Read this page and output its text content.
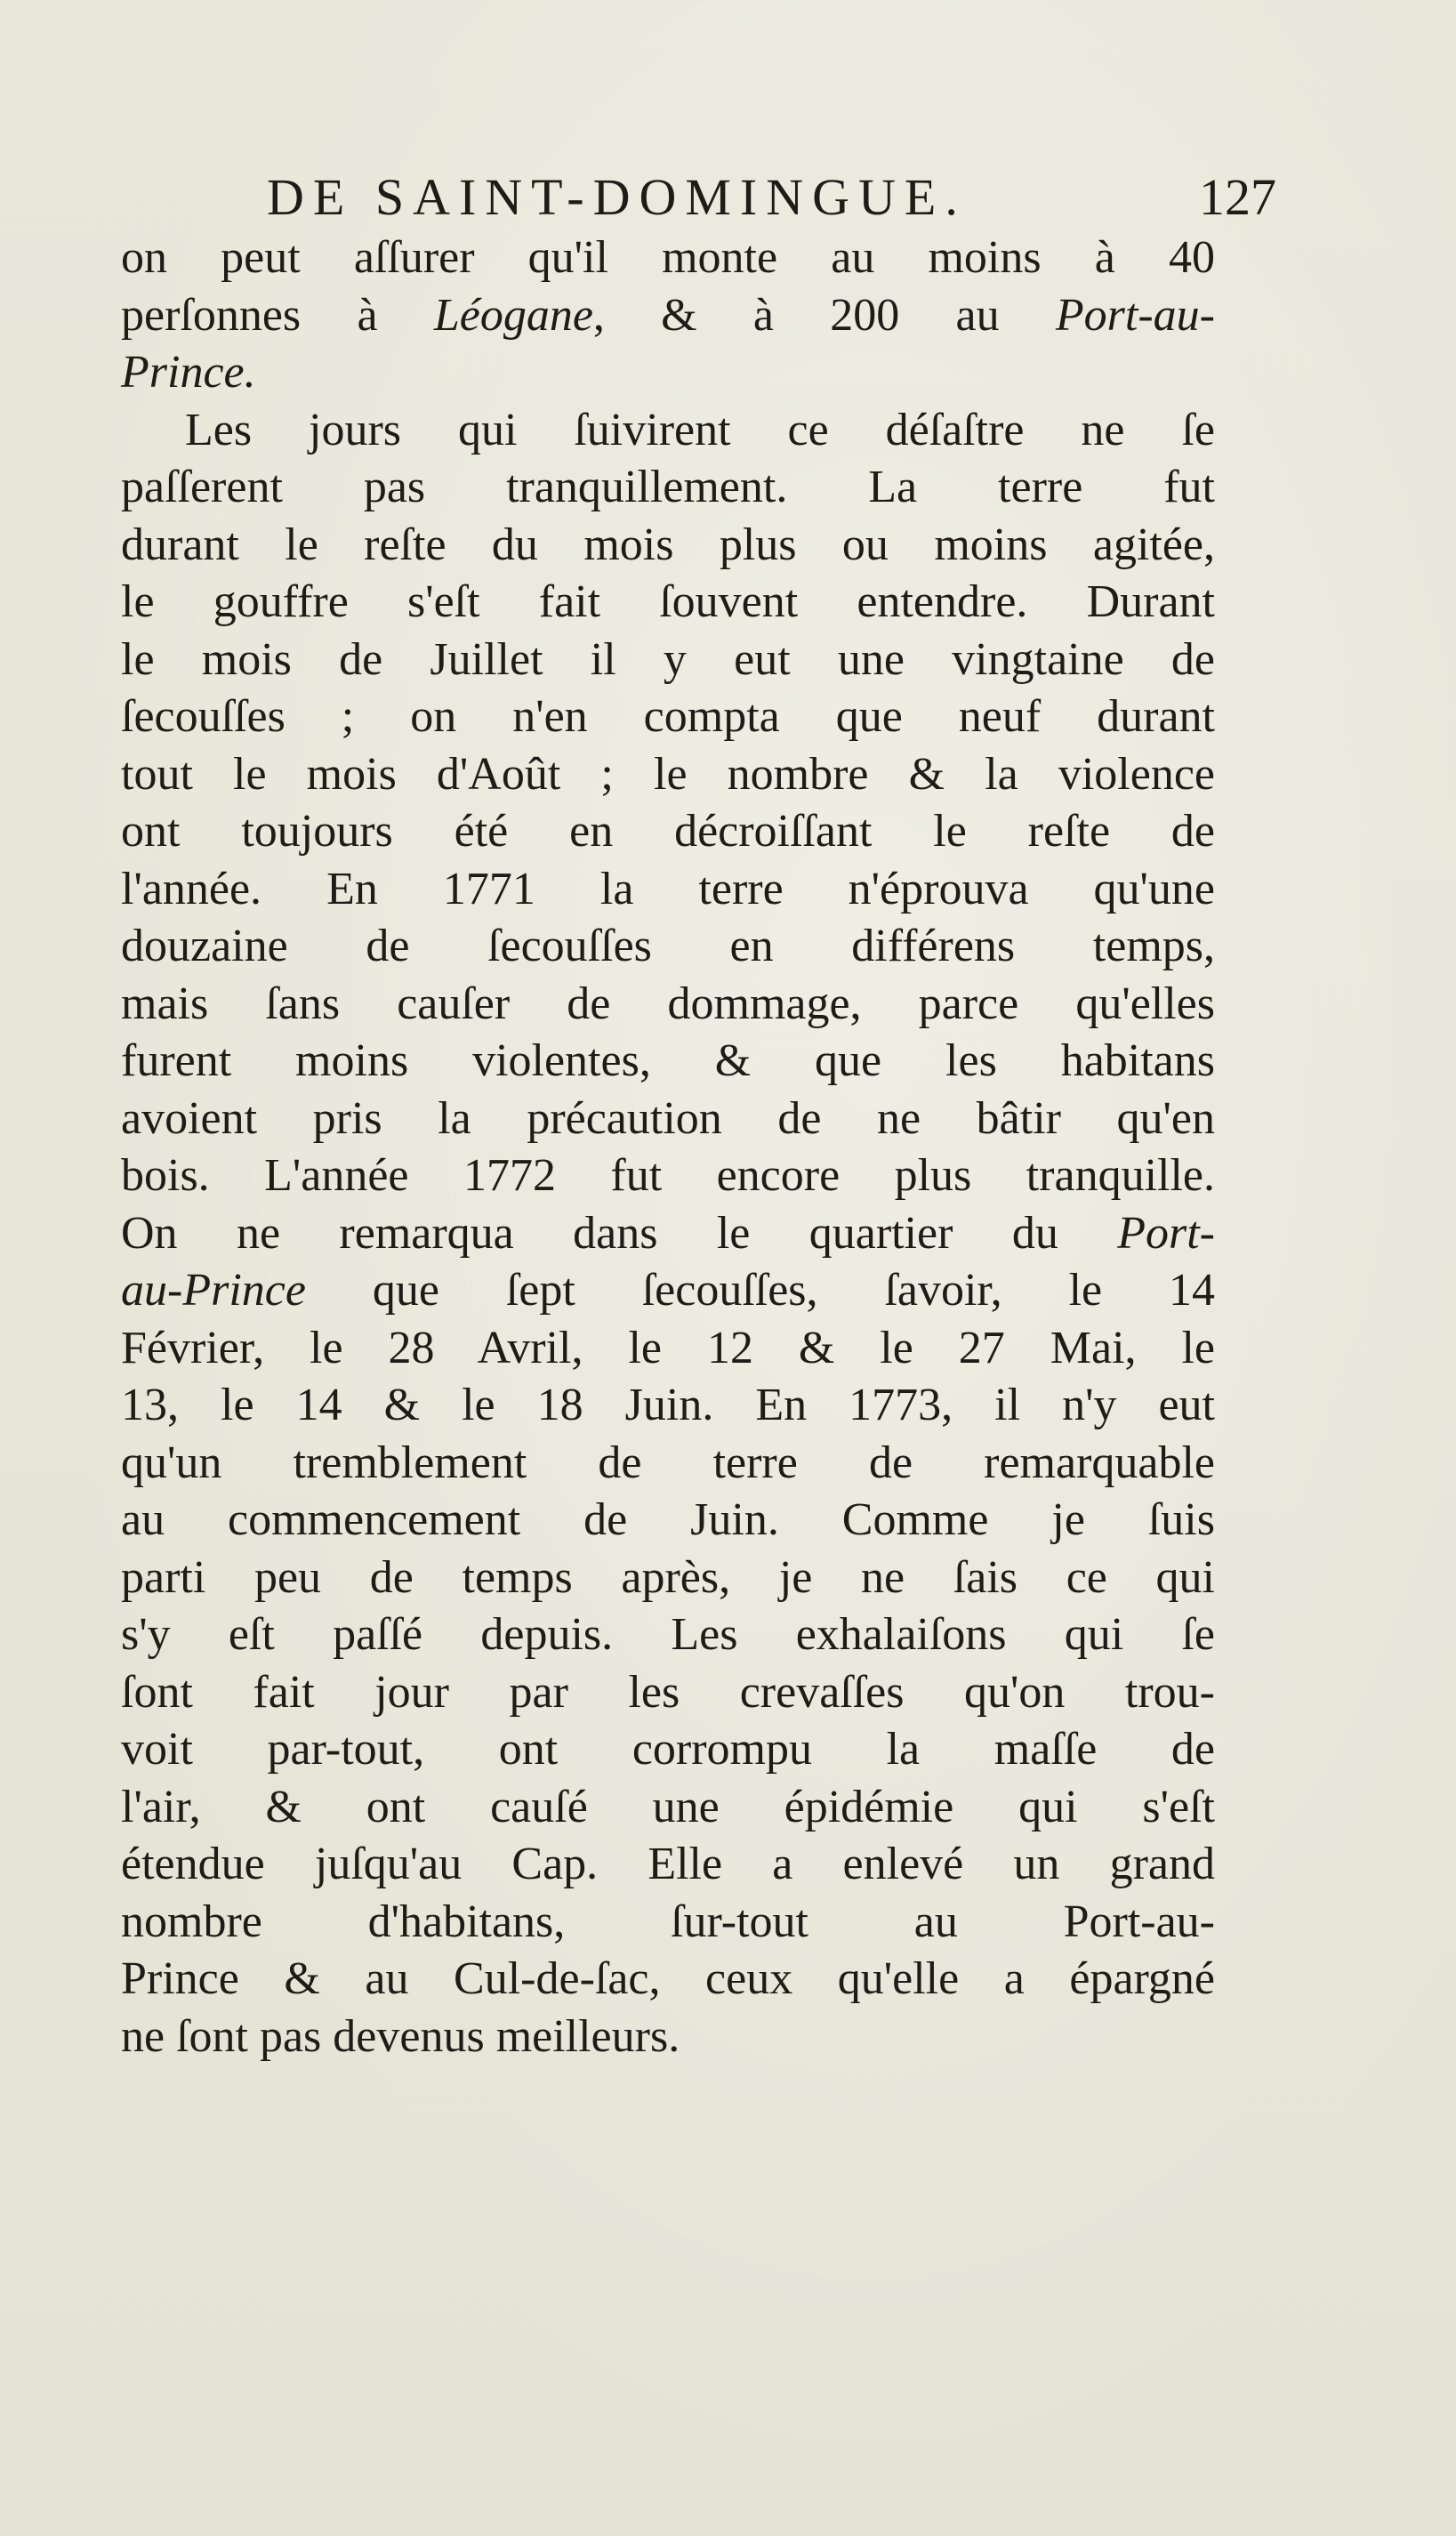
DE SAINT-DOMINGUE.	127
on peut aſſurer qu'il monte au moins à 40
perſonnes à Léogane, & à 200 au Port-au-
Prince.
Les jours qui ſuivirent ce déſaſtre ne ſe
paſſerent pas tranquillement. La terre fut
durant le reſte du mois plus ou moins agitée,
le gouffre s'eſt fait ſouvent entendre. Durant
le mois de Juillet il y eut une vingtaine de
ſecouſſes ; on n'en compta que neuf durant
tout le mois d'Août ; le nombre & la violence
ont toujours été en décroiſſant le reſte de
l'année. En 1771 la terre n'éprouva qu'une
douzaine de ſecouſſes en différens temps,
mais ſans cauſer de dommage, parce qu'elles
furent moins violentes, & que les habitans
avoient pris la précaution de ne bâtir qu'en
bois. L'année 1772 fut encore plus tranquille.
On ne remarqua dans le quartier du Port-
au-Prince que ſept ſecouſſes, ſavoir, le 14
Février, le 28 Avril, le 12 & le 27 Mai, le
13, le 14 & le 18 Juin. En 1773, il n'y eut
qu'un tremblement de terre de remarquable
au commencement de Juin. Comme je ſuis
parti peu de temps après, je ne ſais ce qui
s'y eſt paſſé depuis. Les exhalaiſons qui ſe
ſont fait jour par les crevaſſes qu'on trou-
voit par-tout, ont corrompu la maſſe de
l'air, & ont cauſé une épidémie qui s'eſt
étendue juſqu'au Cap. Elle a enlevé un grand
nombre d'habitans, ſur-tout au Port-au-
Prince & au Cul-de-ſac, ceux qu'elle a épargné
ne ſont pas devenus meilleurs.
